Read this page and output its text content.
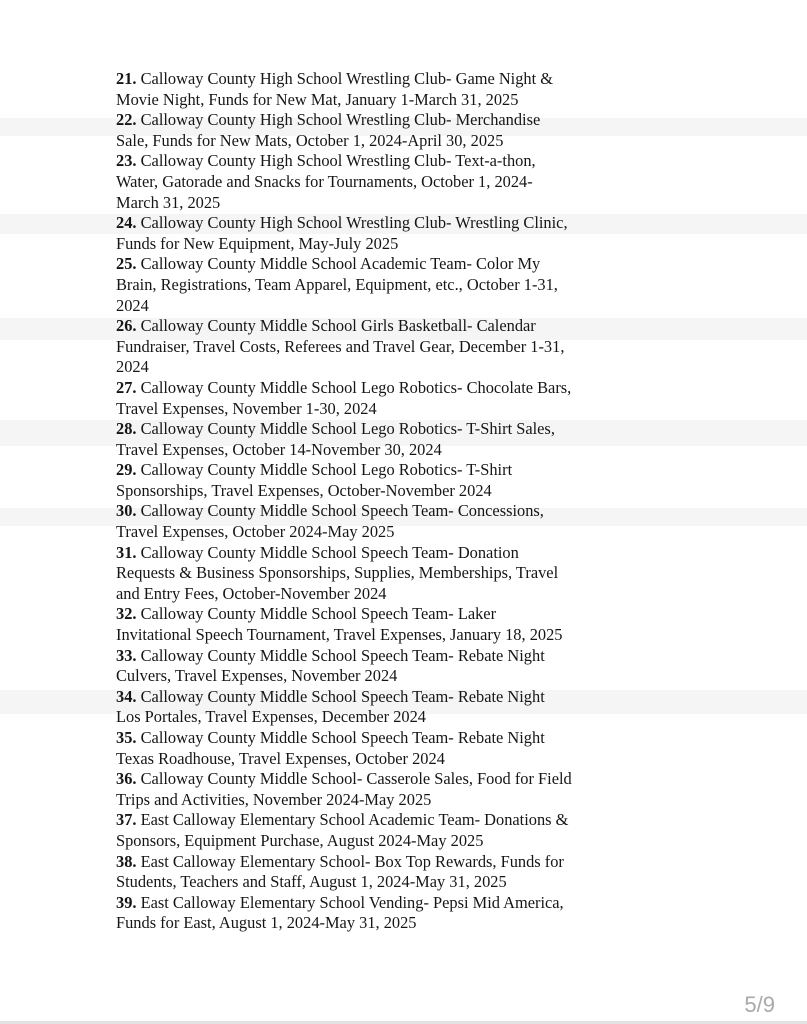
21. Calloway County High School Wrestling Club- Game Night &
Movie Night, Funds for New Mat, January 1-March 31, 2025
22. Calloway County High School Wrestling Club- Merchandise
Sale, Funds for New Mats, October 1, 2024-April 30, 2025
23. Calloway County High School Wrestling Club- Text-a-thon,
Water, Gatorade and Snacks for Tournaments, October 1, 2024-
March 31, 2025
24. Calloway County High School Wrestling Club- Wrestling Clinic,
Funds for New Equipment, May-July 2025
25. Calloway County Middle School Academic Team- Color My
Brain, Registrations, Team Apparel, Equipment, etc., October 1-31,
2024
26. Calloway County Middle School Girls Basketball- Calendar
Fundraiser, Travel Costs, Referees and Travel Gear, December 1-31,
2024
27. Calloway County Middle School Lego Robotics- Chocolate Bars,
Travel Expenses, November 1-30, 2024
28. Calloway County Middle School Lego Robotics- T-Shirt Sales,
Travel Expenses, October 14-November 30, 2024
29. Calloway County Middle School Lego Robotics- T-Shirt
Sponsorships, Travel Expenses, October-November 2024
30. Calloway County Middle School Speech Team- Concessions,
Travel Expenses, October 2024-May 2025
31. Calloway County Middle School Speech Team- Donation
Requests & Business Sponsorships, Supplies, Memberships, Travel
and Entry Fees, October-November 2024
32. Calloway County Middle School Speech Team- Laker
Invitational Speech Tournament, Travel Expenses, January 18, 2025
33. Calloway County Middle School Speech Team- Rebate Night
Culvers, Travel Expenses, November 2024
34. Calloway County Middle School Speech Team- Rebate Night
Los Portales, Travel Expenses, December 2024
35. Calloway County Middle School Speech Team- Rebate Night
Texas Roadhouse, Travel Expenses, October 2024
36. Calloway County Middle School- Casserole Sales, Food for Field
Trips and Activities, November 2024-May 2025
37. East Calloway Elementary School Academic Team- Donations &
Sponsors, Equipment Purchase, August 2024-May 2025
38. East Calloway Elementary School- Box Top Rewards, Funds for
Students, Teachers and Staff, August 1, 2024-May 31, 2025
39. East Calloway Elementary School Vending- Pepsi Mid America,
Funds for East, August 1, 2024-May 31, 2025
5/9
